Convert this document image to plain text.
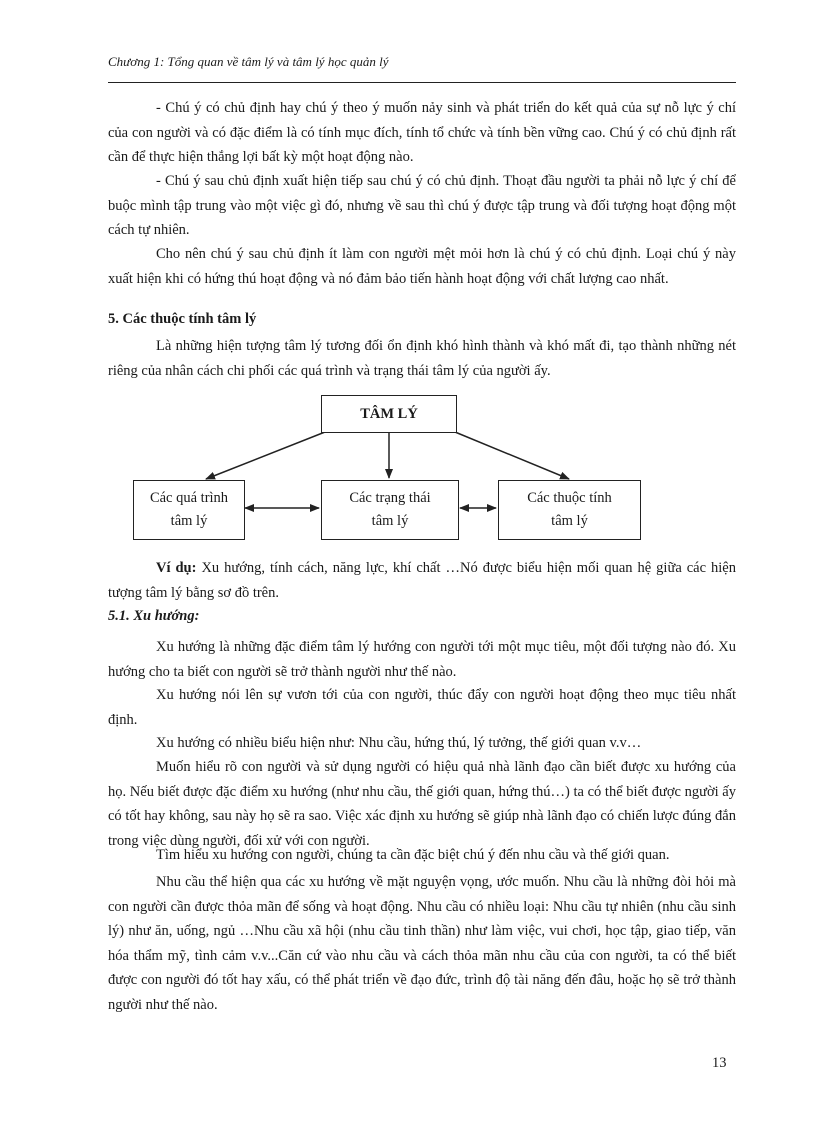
Chương 1: Tổng quan về tâm lý và tâm lý học quản lý

- Chú ý có chủ định hay chú ý theo ý muốn nảy sinh và phát triển do kết quả của sự nỗ lực ý chí của con người và có đặc điểm là có tính mục đích, tính tổ chức và tính bền vững cao. Chú ý có chủ định rất cần để thực hiện thắng lợi bất kỳ một hoạt động nào.

- Chú ý sau chủ định xuất hiện tiếp sau chú ý có chủ định. Thoạt đầu người ta phải nỗ lực ý chí để buộc mình tập trung vào một việc gì đó, nhưng về sau thì chú ý được tập trung và đối tượng hoạt động một cách tự nhiên.

Cho nên chú ý sau chủ định ít làm con người mệt mỏi hơn là chú ý có chủ định. Loại chú ý này xuất hiện khi có hứng thú hoạt động và nó đảm bảo tiến hành hoạt động với chất lượng cao nhất.

5. Các thuộc tính tâm lý

Là những hiện tượng tâm lý tương đối ổn định khó hình thành và khó mất đi, tạo thành những nét riêng của nhân cách chi phối các quá trình và trạng thái tâm lý của người ấy.

TÂM LÝ
Các quá trình
tâm lý
Các trạng thái
tâm lý
Các thuộc tính
tâm lý

Ví dụ: Xu hướng, tính cách, năng lực, khí chất …Nó được biểu hiện mối quan hệ giữa các hiện tượng tâm lý bằng sơ đồ trên.

5.1. Xu hướng:

Xu hướng là những đặc điểm tâm lý hướng con người tới một mục tiêu, một đối tượng nào đó. Xu hướng cho ta biết con người sẽ trở thành người như thế nào.

Xu hướng nói lên sự vươn tới của con người, thúc đẩy con người hoạt động theo mục tiêu nhất định.

Xu hướng có nhiều biểu hiện như: Nhu cầu, hứng thú, lý tưởng, thế giới quan v.v…

Muốn hiểu rõ con người và sử dụng người có hiệu quả nhà lãnh đạo cần biết được xu hướng của họ. Nếu biết được đặc điểm xu hướng (như nhu cầu, thế giới quan, hứng thú…) ta có thể biết được người ấy có tốt hay không, sau này họ sẽ ra sao. Việc xác định xu hướng sẽ giúp nhà lãnh đạo có chiến lược đúng đắn trong việc dùng người, đối xử với con người.

Tìm hiểu xu hướng con người, chúng ta cần đặc biệt chú ý đến nhu cầu và thế giới quan.

Nhu cầu thể hiện qua các xu hướng về mặt nguyện vọng, ước muốn. Nhu cầu là những đòi hỏi mà con người cần được thỏa mãn để sống và hoạt động. Nhu cầu có nhiều loại: Nhu cầu tự nhiên (nhu cầu sinh lý) như ăn, uống, ngủ …Nhu cầu xã hội (nhu cầu tinh thần) như làm việc, vui chơi, học tập, giao tiếp, văn hóa thẩm mỹ, tình cảm v.v...Căn cứ vào nhu cầu và cách thỏa mãn nhu cầu của con người, ta có thể biết được con người đó tốt hay xấu, có thể phát triển về đạo đức, trình độ tài năng đến đâu, hoặc họ sẽ trở thành người như thế nào.

13
